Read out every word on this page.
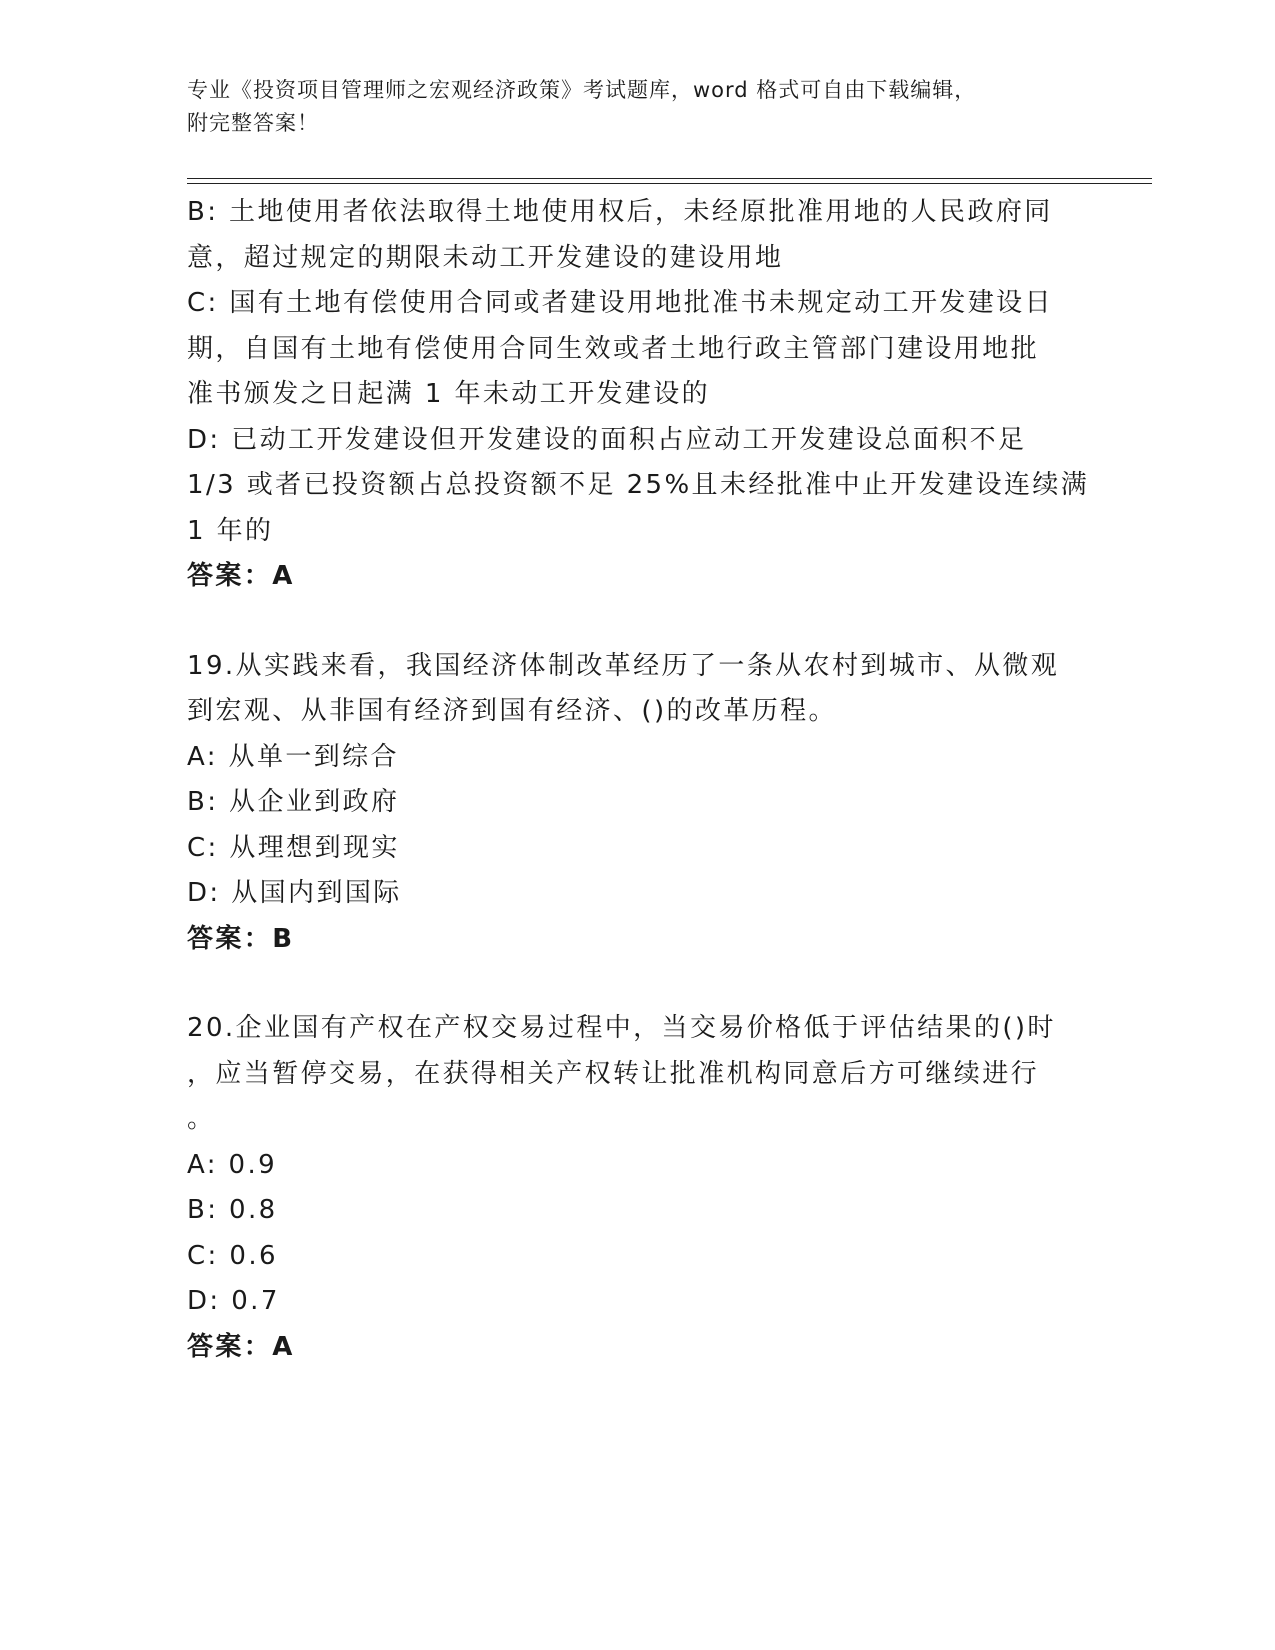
专业《投资项目管理师之宏观经济政策》考试题库，word 格式可自由下载编辑，
附完整答案！
B: 土地使用者依法取得土地使用权后，未经原批准用地的人民政府同
意，超过规定的期限未动工开发建设的建设用地
C: 国有土地有偿使用合同或者建设用地批准书未规定动工开发建设日
期，自国有土地有偿使用合同生效或者土地行政主管部门建设用地批
准书颁发之日起满 1 年未动工开发建设的
D: 已动工开发建设但开发建设的面积占应动工开发建设总面积不足
1/3 或者已投资额占总投资额不足 25%且未经批准中止开发建设连续满
1 年的
答案：A
19.从实践来看，我国经济体制改革经历了一条从农村到城市、从微观
到宏观、从非国有经济到国有经济、()的改革历程。
A: 从单一到综合
B: 从企业到政府
C: 从理想到现实
D: 从国内到国际
答案：B
20.企业国有产权在产权交易过程中，当交易价格低于评估结果的()时
，应当暂停交易，在获得相关产权转让批准机构同意后方可继续进行
。
A: 0.9
B: 0.8
C: 0.6
D: 0.7
答案：A
